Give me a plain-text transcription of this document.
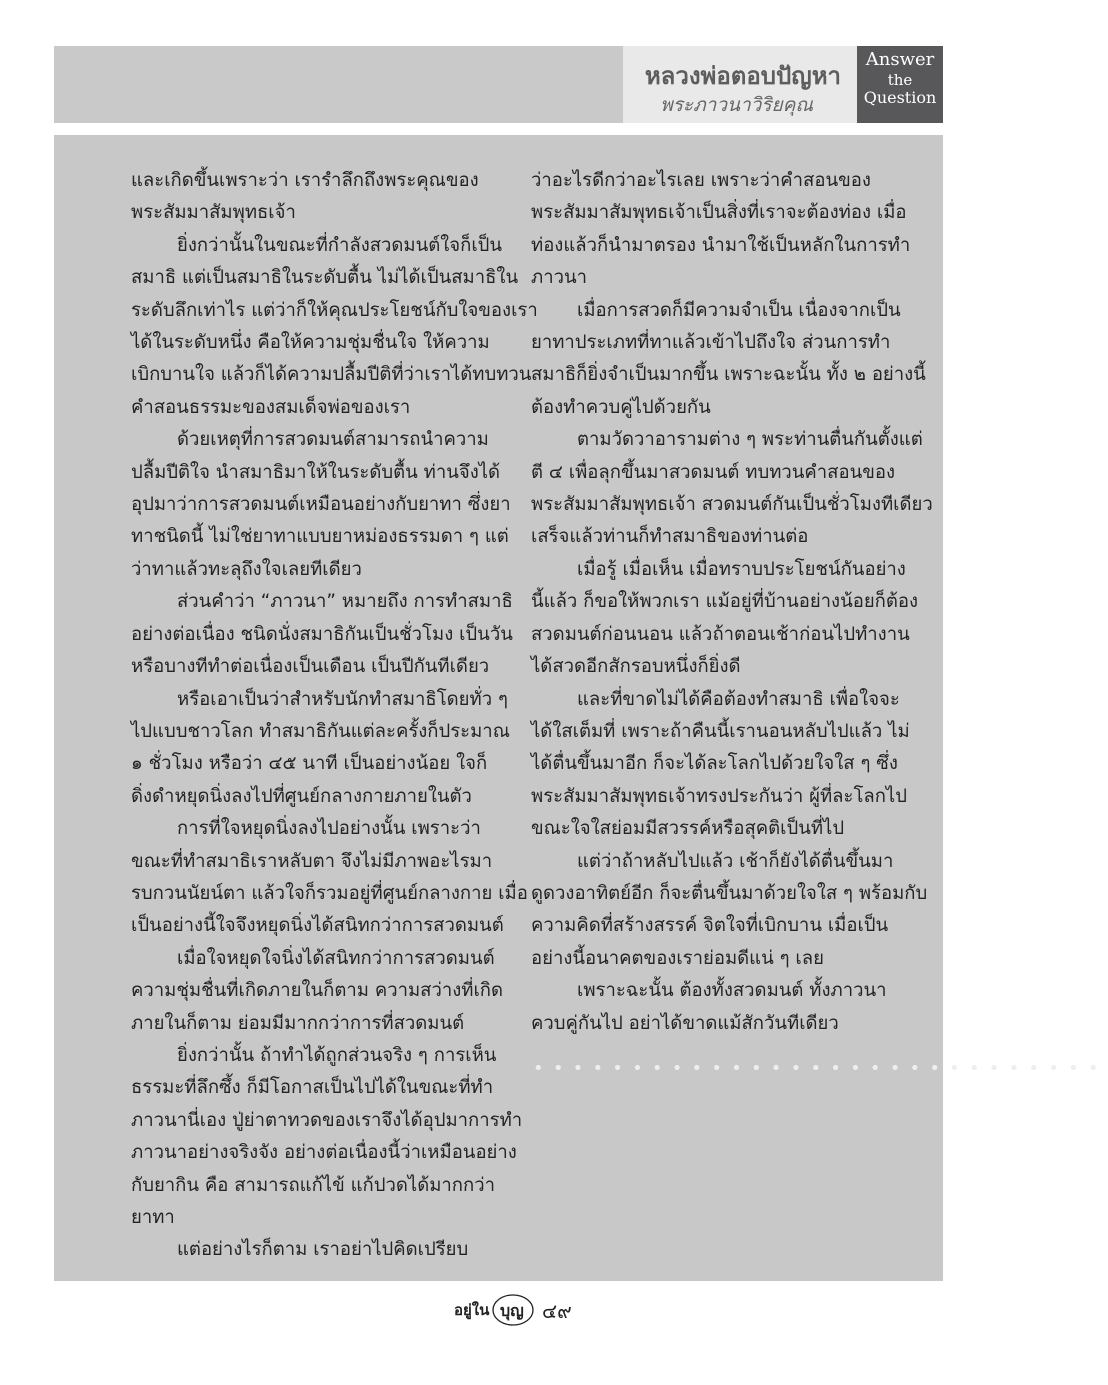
หลวงพ่อตอบปัญหา
พระภาวนาวิริยคุณ
Answer
the
Question

และเกิดขึ้นเพราะว่า เรารำลึกถึงพระคุณของ

พระสัมมาสัมพุทธเจ้า

ยิ่งกว่านั้นในขณะที่กำลังสวดมนต์ใจก็เป็น

สมาธิ แต่เป็นสมาธิในระดับตื้น ไม่ได้เป็นสมาธิใน

ระดับลึกเท่าไร แต่ว่าก็ให้คุณประโยชน์กับใจของเรา

ได้ในระดับหนึ่ง คือให้ความชุ่มชื่นใจ ให้ความ

เบิกบานใจ แล้วก็ได้ความปลื้มปีติที่ว่าเราได้ทบทวน

คำสอนธรรมะของสมเด็จพ่อของเรา

ด้วยเหตุที่การสวดมนต์สามารถนำความ

ปลื้มปีติใจ นำสมาธิมาให้ในระดับตื้น ท่านจึงได้

อุปมาว่าการสวดมนต์เหมือนอย่างกับยาทา ซึ่งยา

ทาชนิดนี้ ไม่ใช่ยาทาแบบยาหม่องธรรมดา ๆ แต่

ว่าทาแล้วทะลุถึงใจเลยทีเดียว

ส่วนคำว่า “ภาวนา” หมายถึง การทำสมาธิ

อย่างต่อเนื่อง ชนิดนั่งสมาธิกันเป็นชั่วโมง เป็นวัน

หรือบางทีทำต่อเนื่องเป็นเดือน เป็นปีกันทีเดียว

หรือเอาเป็นว่าสำหรับนักทำสมาธิโดยทั่ว ๆ

ไปแบบชาวโลก ทำสมาธิกันแต่ละครั้งก็ประมาณ

๑ ชั่วโมง หรือว่า ๔๕ นาที เป็นอย่างน้อย ใจก็

ดิ่งดำหยุดนิ่งลงไปที่ศูนย์กลางกายภายในตัว

การที่ใจหยุดนิ่งลงไปอย่างนั้น เพราะว่า

ขณะที่ทำสมาธิเราหลับตา จึงไม่มีภาพอะไรมา

รบกวนนัยน์ตา แล้วใจก็รวมอยู่ที่ศูนย์กลางกาย เมื่อ

เป็นอย่างนี้ใจจึงหยุดนิ่งได้สนิทกว่าการสวดมนต์

เมื่อใจหยุดใจนิ่งได้สนิทกว่าการสวดมนต์

ความชุ่มชื่นที่เกิดภายในก็ตาม ความสว่างที่เกิด

ภายในก็ตาม ย่อมมีมากกว่าการที่สวดมนต์

ยิ่งกว่านั้น ถ้าทำได้ถูกส่วนจริง ๆ การเห็น

ธรรมะที่ลึกซึ้ง ก็มีโอกาสเป็นไปได้ในขณะที่ทำ

ภาวนานี่เอง ปู่ย่าตาทวดของเราจึงได้อุปมาการทำ

ภาวนาอย่างจริงจัง อย่างต่อเนื่องนี้ว่าเหมือนอย่าง

กับยากิน คือ สามารถแก้ไข้ แก้ปวดได้มากกว่า

ยาทา

แต่อย่างไรก็ตาม เราอย่าไปคิดเปรียบ

ว่าอะไรดีกว่าอะไรเลย เพราะว่าคำสอนของ

พระสัมมาสัมพุทธเจ้าเป็นสิ่งที่เราจะต้องท่อง เมื่อ

ท่องแล้วก็นำมาตรอง นำมาใช้เป็นหลักในการทำ

ภาวนา

เมื่อการสวดก็มีความจำเป็น เนื่องจากเป็น

ยาทาประเภทที่ทาแล้วเข้าไปถึงใจ ส่วนการทำ

สมาธิก็ยิ่งจำเป็นมากขึ้น เพราะฉะนั้น ทั้ง ๒ อย่างนี้

ต้องทำควบคู่ไปด้วยกัน

ตามวัดวาอารามต่าง ๆ พระท่านตื่นกันตั้งแต่

ตี ๔ เพื่อลุกขึ้นมาสวดมนต์ ทบทวนคำสอนของ

พระสัมมาสัมพุทธเจ้า สวดมนต์กันเป็นชั่วโมงทีเดียว

เสร็จแล้วท่านก็ทำสมาธิของท่านต่อ

เมื่อรู้ เมื่อเห็น เมื่อทราบประโยชน์กันอย่าง

นี้แล้ว ก็ขอให้พวกเรา แม้อยู่ที่บ้านอย่างน้อยก็ต้อง

สวดมนต์ก่อนนอน แล้วถ้าตอนเช้าก่อนไปทำงาน

ได้สวดอีกสักรอบหนึ่งก็ยิ่งดี

และที่ขาดไม่ได้คือต้องทำสมาธิ เพื่อใจจะ

ได้ใสเต็มที่ เพราะถ้าคืนนี้เรานอนหลับไปแล้ว ไม่

ได้ตื่นขึ้นมาอีก ก็จะได้ละโลกไปด้วยใจใส ๆ ซึ่ง

พระสัมมาสัมพุทธเจ้าทรงประกันว่า ผู้ที่ละโลกไป

ขณะใจใสย่อมมีสวรรค์หรือสุคติเป็นที่ไป

แต่ว่าถ้าหลับไปแล้ว เช้าก็ยังได้ตื่นขึ้นมา

ดูดวงอาทิตย์อีก ก็จะตื่นขึ้นมาด้วยใจใส ๆ พร้อมกับ

ความคิดที่สร้างสรรค์ จิตใจที่เบิกบาน เมื่อเป็น

อย่างนี้อนาคตของเราย่อมดีแน่ ๆ เลย

เพราะฉะนั้น ต้องทั้งสวดมนต์ ทั้งภาวนา

ควบคู่กันไป อย่าได้ขาดแม้สักวันทีเดียว

•••••••••••••••••••••••••••••
อยู่ใน บุญ ๔๙
